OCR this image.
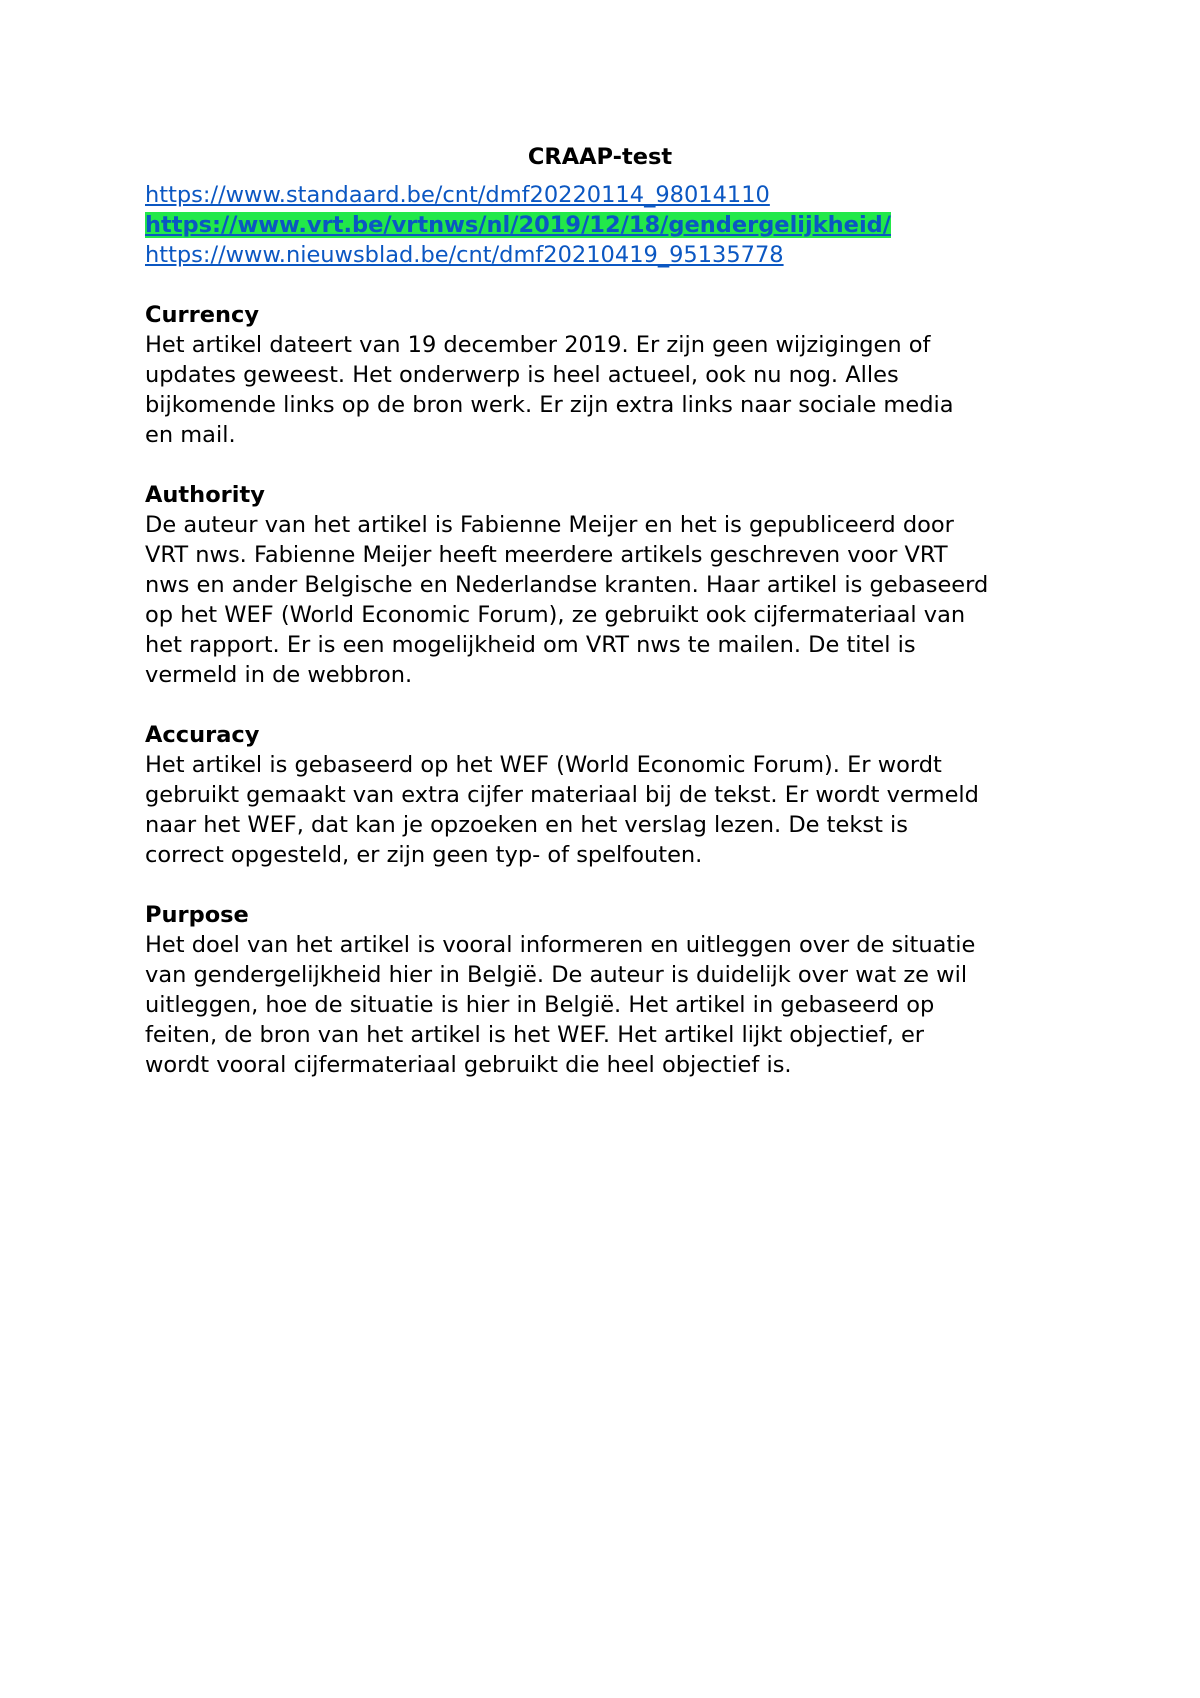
CRAAP-test
https://www.standaard.be/cnt/dmf20220114_98014110
https://www.vrt.be/vrtnws/nl/2019/12/18/gendergelijkheid/
https://www.nieuwsblad.be/cnt/dmf20210419_95135778
Currency
Het artikel dateert van 19 december 2019. Er zijn geen wijzigingen of
updates geweest. Het onderwerp is heel actueel, ook nu nog. Alles
bijkomende links op de bron werk. Er zijn extra links naar sociale media
en mail.
Authority
De auteur van het artikel is Fabienne Meijer en het is gepubliceerd door
VRT nws. Fabienne Meijer heeft meerdere artikels geschreven voor VRT
nws en ander Belgische en Nederlandse kranten. Haar artikel is gebaseerd
op het WEF (World Economic Forum), ze gebruikt ook cijfermateriaal van
het rapport. Er is een mogelijkheid om VRT nws te mailen. De titel is
vermeld in de webbron.
Accuracy
Het artikel is gebaseerd op het WEF (World Economic Forum). Er wordt
gebruikt gemaakt van extra cijfer materiaal bij de tekst. Er wordt vermeld
naar het WEF, dat kan je opzoeken en het verslag lezen. De tekst is
correct opgesteld, er zijn geen typ- of spelfouten.
Purpose
Het doel van het artikel is vooral informeren en uitleggen over de situatie
van gendergelijkheid hier in België. De auteur is duidelijk over wat ze wil
uitleggen, hoe de situatie is hier in België. Het artikel in gebaseerd op
feiten, de bron van het artikel is het WEF. Het artikel lijkt objectief, er
wordt vooral cijfermateriaal gebruikt die heel objectief is.
